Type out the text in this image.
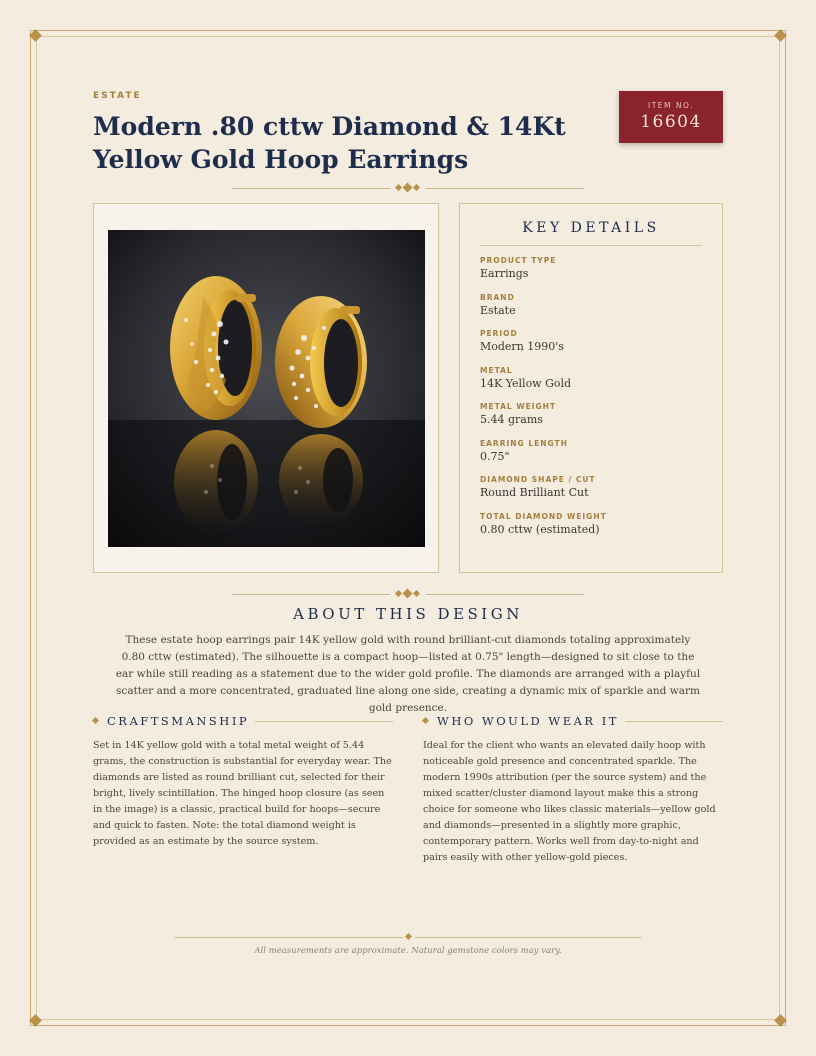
ESTATE
Modern .80 cttw Diamond & 14Kt Yellow Gold Hoop Earrings
ITEM NO.
16604
KEY DETAILS
PRODUCT TYPE
Earrings
BRAND
Estate
PERIOD
Modern 1990's
METAL
14K Yellow Gold
METAL WEIGHT
5.44 grams
EARRING LENGTH
0.75"
DIAMOND SHAPE / CUT
Round Brilliant Cut
TOTAL DIAMOND WEIGHT
0.80 cttw (estimated)
ABOUT THIS DESIGN

These estate hoop earrings pair 14K yellow gold with round brilliant-cut diamonds totaling approximately 0.80 cttw (estimated). The silhouette is a compact hoop—listed at 0.75" length—designed to sit close to the ear while still reading as a statement due to the wider gold profile. The diamonds are arranged with a playful scatter and a more concentrated, graduated line along one side, creating a dynamic mix of sparkle and warm gold presence.

CRAFTSMANSHIP

Set in 14K yellow gold with a total metal weight of 5.44 grams, the construction is substantial for everyday wear. The diamonds are listed as round brilliant cut, selected for their bright, lively scintillation. The hinged hoop closure (as seen in the image) is a classic, practical build for hoops—secure and quick to fasten. Note: the total diamond weight is provided as an estimate by the source system.

WHO WOULD WEAR IT

Ideal for the client who wants an elevated daily hoop with noticeable gold presence and concentrated sparkle. The modern 1990s attribution (per the source system) and the mixed scatter/cluster diamond layout make this a strong choice for someone who likes classic materials—yellow gold and diamonds—presented in a slightly more graphic, contemporary pattern. Works well from day-to-night and pairs easily with other yellow-gold pieces.

All measurements are approximate. Natural gemstone colors may vary.
